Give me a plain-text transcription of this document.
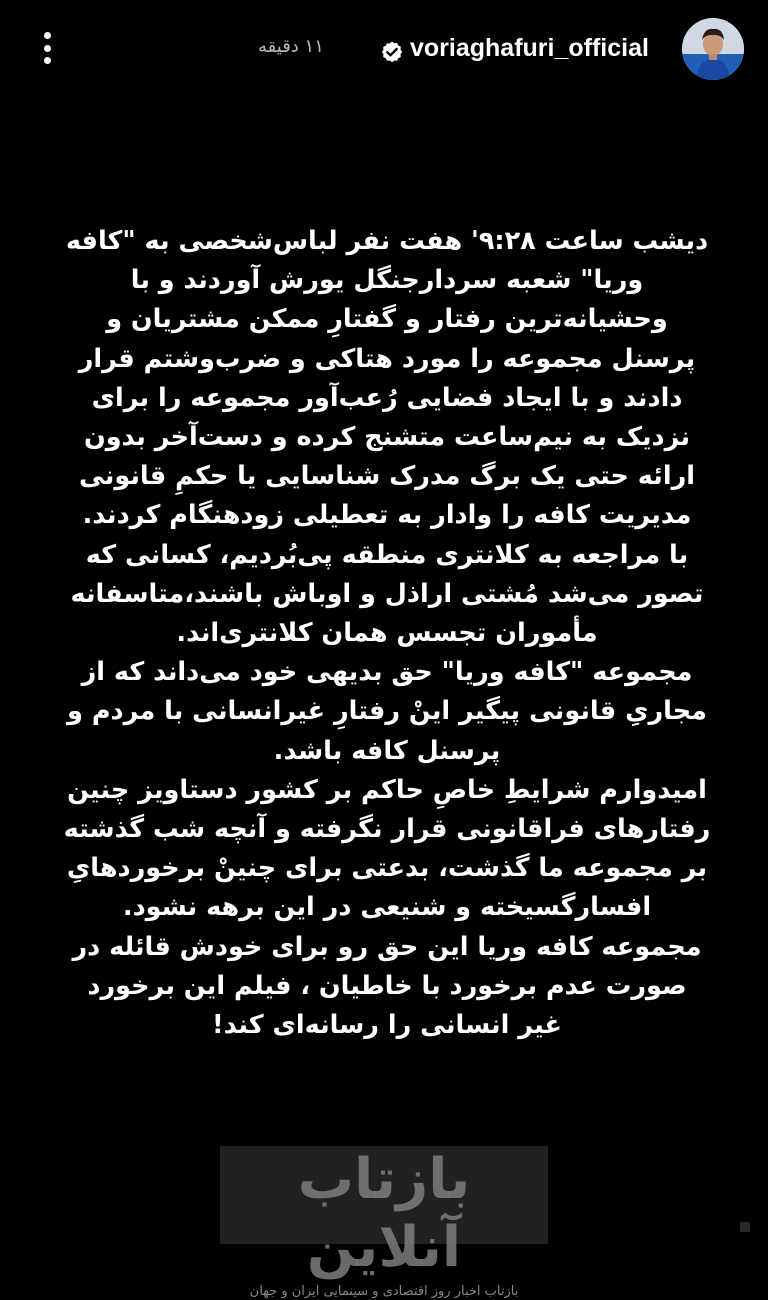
۱۱ دقیقه	voriaghafuri_official

دیشب ساعت ۹:۲۸' هفت نفر لباس‌شخصی به "کافه وریا" شعبه سردارجنگل یورش آوردند و با وحشیانه‌ترین رفتار و گفتارِ ممکن مشتریان و پرسنل مجموعه را مورد هتاکی و ضرب‌وشتم قرار دادند و با ایجاد فضایی رُعب‌آور مجموعه را برای نزدیک به نیم‌ساعت متشنج کرده و دست‌آخر بدون ارائه حتی یک برگ مدرک شناسایی یا حکمِ قانونی مدیریت کافه را وادار به تعطیلی زودهنگام کردند.

با مراجعه به کلانتری منطقه پی‌بُردیم، کسانی که تصور می‌شد مُشتی اراذل و اوباش باشند،متاسفانه مأموران تجسس همان کلانتری‌اند.

مجموعه "کافه وریا" حق بدیهی خود می‌داند که از مجاریِ قانونی پیگیر اینْ رفتارِ غیرانسانی با مردم و پرسنل کافه باشد.

امیدوارم شرایطِ خاصِ حاکم بر کشور دستاویز چنین رفتارهای فراقانونی قرار نگرفته و آنچه شب گذشته بر مجموعه ما گذشت، بدعتی برای چنینْ برخوردهایِ افسارگسیخته و شنیعی در این برهه نشود.

مجموعه کافه وریا این حق رو برای خودش قائله در صورت عدم برخورد با خاطیان ، فیلم این برخورد غیر انسانی را رسانه‌ای کند!

بازتاب آنلاین
بازتاب اخبار روز اقتصادی و سینمایی ایران و جهان
